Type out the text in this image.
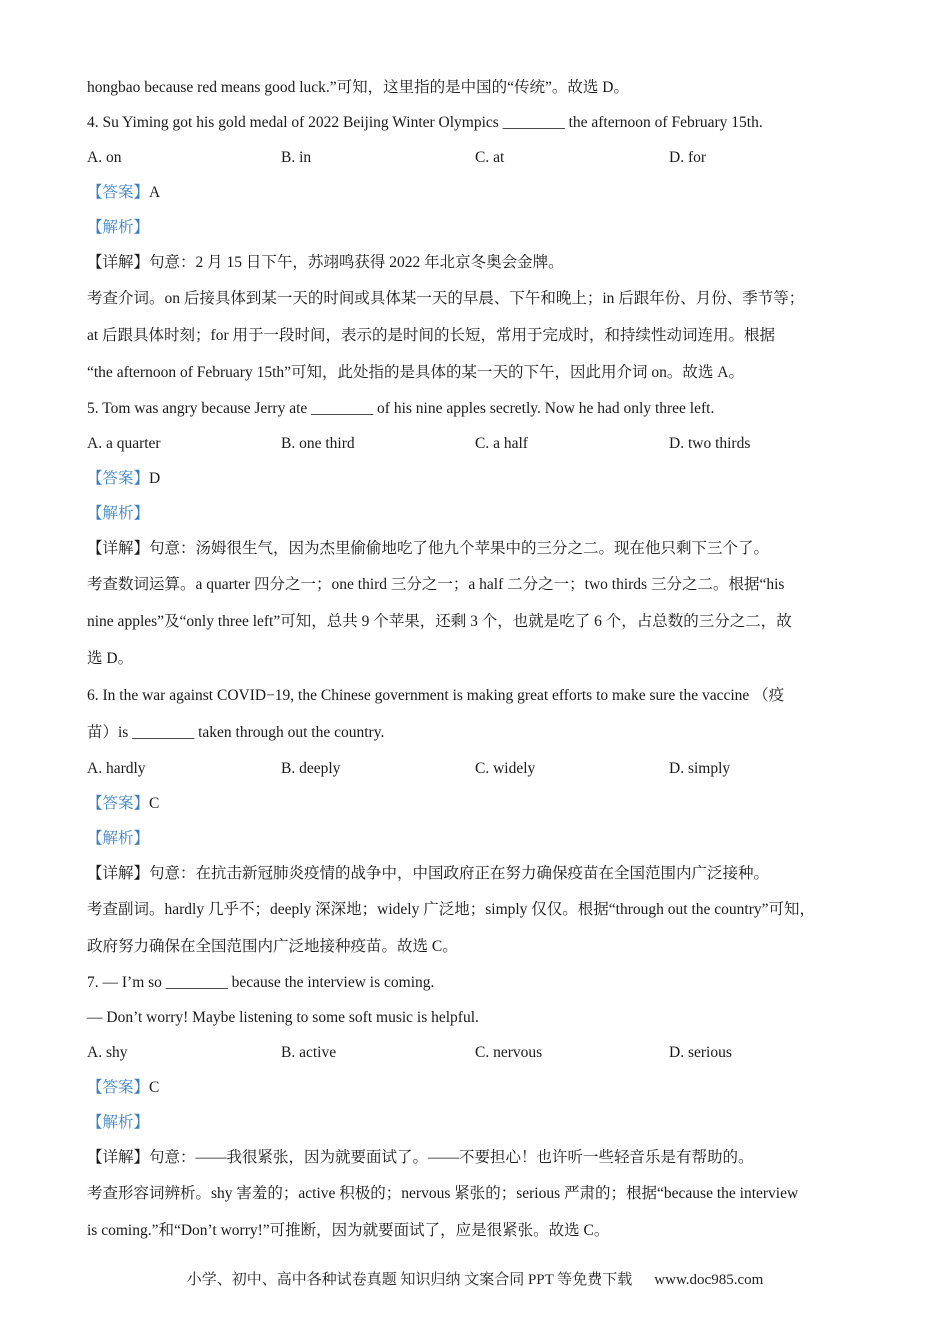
hongbao because red means good luck.”可知，这里指的是中国的“传统”。故选 D。
4. Su Yiming got his gold medal of 2022 Beijing Winter Olympics ________ the afternoon of February 15th.
A. on	B. in	C. at	D. for
【答案】A
【解析】
【详解】句意：2 月 15 日下午，苏翊鸣获得 2022 年北京冬奥会金牌。
考查介词。on 后接具体到某一天的时间或具体某一天的早晨、下午和晚上；in 后跟年份、月份、季节等；
at 后跟具体时刻；for 用于一段时间，表示的是时间的长短，常用于完成时，和持续性动词连用。根据
“the afternoon of February 15th”可知，此处指的是具体的某一天的下午，因此用介词 on。故选 A。
5. Tom was angry because Jerry ate ________ of his nine apples secretly. Now he had only three left.
A. a quarter	B. one third	C. a half	D. two thirds
【答案】D
【解析】
【详解】句意：汤姆很生气，因为杰里偷偷地吃了他九个苹果中的三分之二。现在他只剩下三个了。
考查数词运算。a quarter 四分之一；one third 三分之一；a half 二分之一；two thirds 三分之二。根据“his
nine apples”及“only three left”可知，总共 9 个苹果，还剩 3 个，也就是吃了 6 个，占总数的三分之二，故
选 D。
6. In the war against COVID−19, the Chinese government is making great efforts to make sure the vaccine （疫
苗）is ________ taken through out the country.
A. hardly	B. deeply	C. widely	D. simply
【答案】C
【解析】
【详解】句意：在抗击新冠肺炎疫情的战争中，中国政府正在努力确保疫苗在全国范围内广泛接种。
考查副词。hardly 几乎不；deeply 深深地；widely 广泛地；simply 仅仅。根据“through out the country”可知，
政府努力确保在全国范围内广泛地接种疫苗。故选 C。
7. — I’m so ________ because the interview is coming.
— Don’t worry! Maybe listening to some soft music is helpful.
A. shy	B. active	C. nervous	D. serious
【答案】C
【解析】
【详解】句意：——我很紧张，因为就要面试了。——不要担心！也许听一些轻音乐是有帮助的。
考查形容词辨析。shy 害羞的；active 积极的；nervous 紧张的；serious 严肃的；根据“because the interview
is coming.”和“Don’t worry!”可推断，因为就要面试了，应是很紧张。故选 C。
小学、初中、高中各种试卷真题 知识归纳 文案合同 PPT 等免费下载 www.doc985.com
